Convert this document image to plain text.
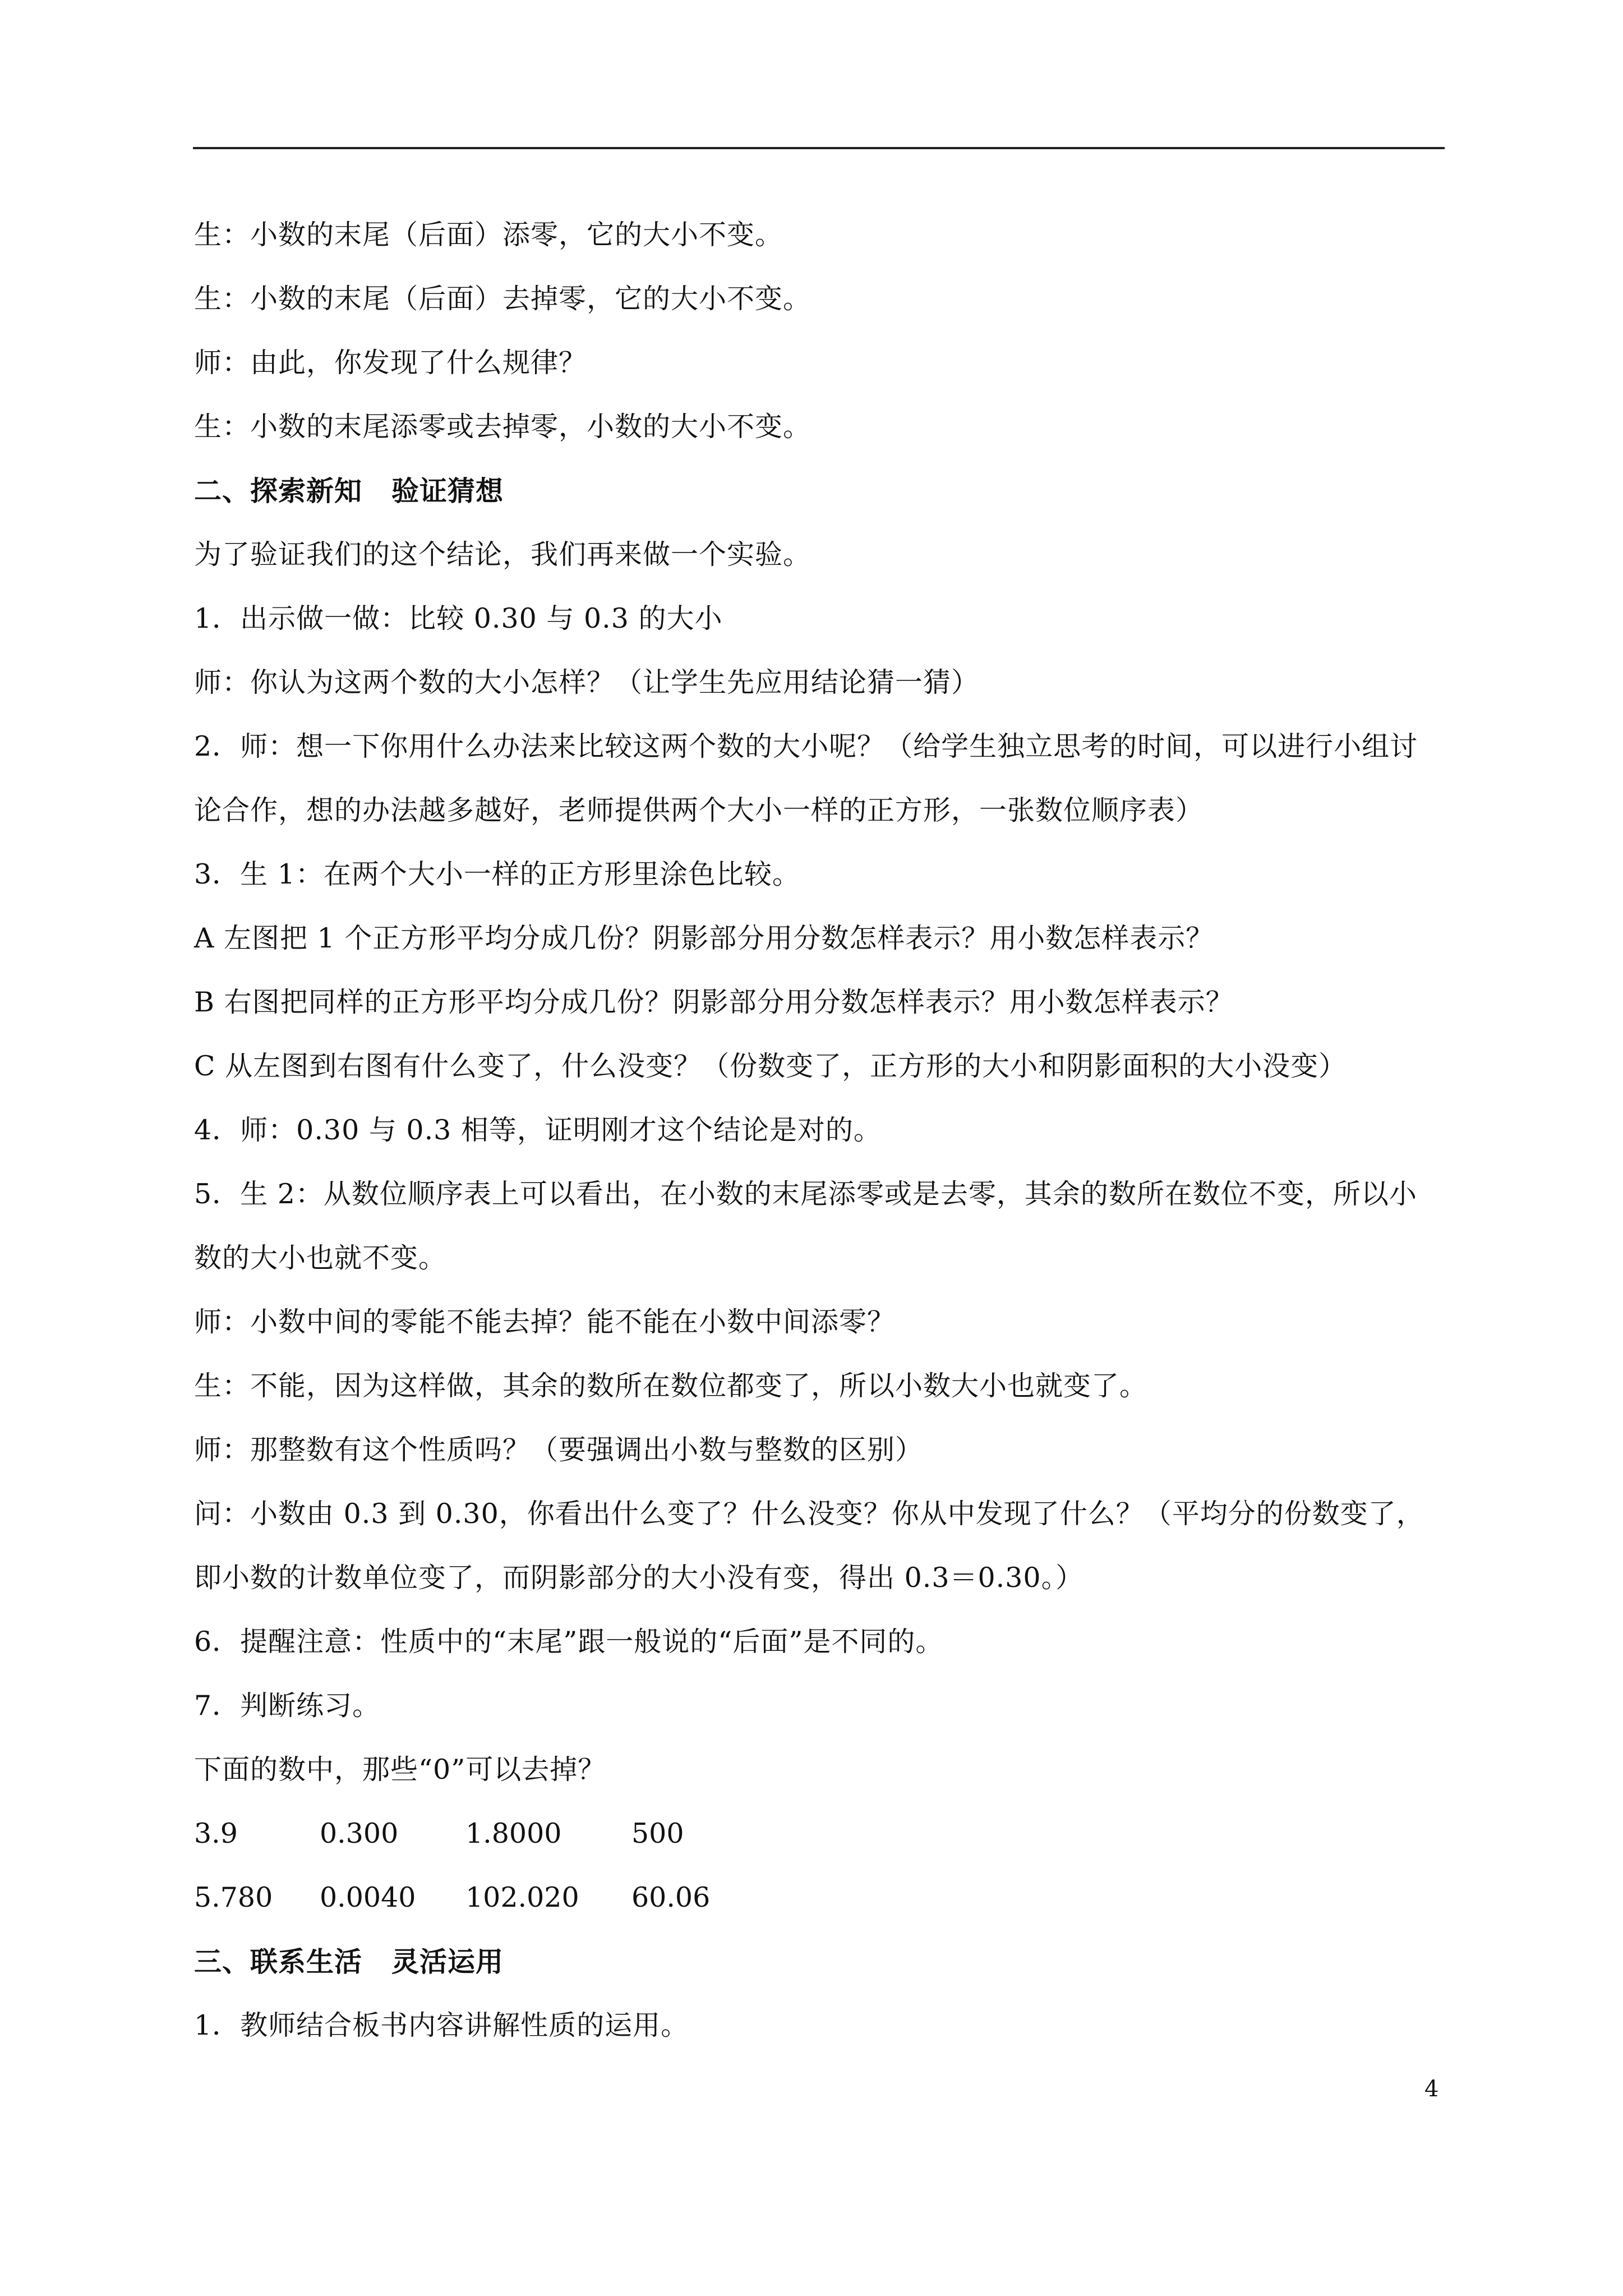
生：小数的末尾（后面）添零，它的大小不变。
生：小数的末尾（后面）去掉零，它的大小不变。
师：由此，你发现了什么规律？
生：小数的末尾添零或去掉零，小数的大小不变。
二、探索新知 验证猜想
为了验证我们的这个结论，我们再来做一个实验。
1．出示做一做：比较 0.30 与 0.3 的大小
师：你认为这两个数的大小怎样？（让学生先应用结论猜一猜）
2．师：想一下你用什么办法来比较这两个数的大小呢？（给学生独立思考的时间，可以进行小组讨
论合作，想的办法越多越好，老师提供两个大小一样的正方形，一张数位顺序表）
3．生 1：在两个大小一样的正方形里涂色比较。
A 左图把 1 个正方形平均分成几份？阴影部分用分数怎样表示？用小数怎样表示？
B 右图把同样的正方形平均分成几份？阴影部分用分数怎样表示？用小数怎样表示？
C 从左图到右图有什么变了，什么没变？（份数变了，正方形的大小和阴影面积的大小没变）
4．师：0.30 与 0.3 相等，证明刚才这个结论是对的。
5．生 2：从数位顺序表上可以看出，在小数的末尾添零或是去零，其余的数所在数位不变，所以小
数的大小也就不变。
师：小数中间的零能不能去掉？能不能在小数中间添零？
生：不能，因为这样做，其余的数所在数位都变了，所以小数大小也就变了。
师：那整数有这个性质吗？（要强调出小数与整数的区别）
问：小数由 0.3 到 0.30，你看出什么变了？什么没变？你从中发现了什么？（平均分的份数变了，
即小数的计数单位变了，而阴影部分的大小没有变，得出 0.3＝0.30。）
6．提醒注意：性质中的“末尾”跟一般说的“后面”是不同的。
7．判断练习。
下面的数中，那些“0”可以去掉？
3.9	0.300	1.8000	500
5.780	0.0040	102.020	60.06
三、联系生活 灵活运用
1．教师结合板书内容讲解性质的运用。
4
